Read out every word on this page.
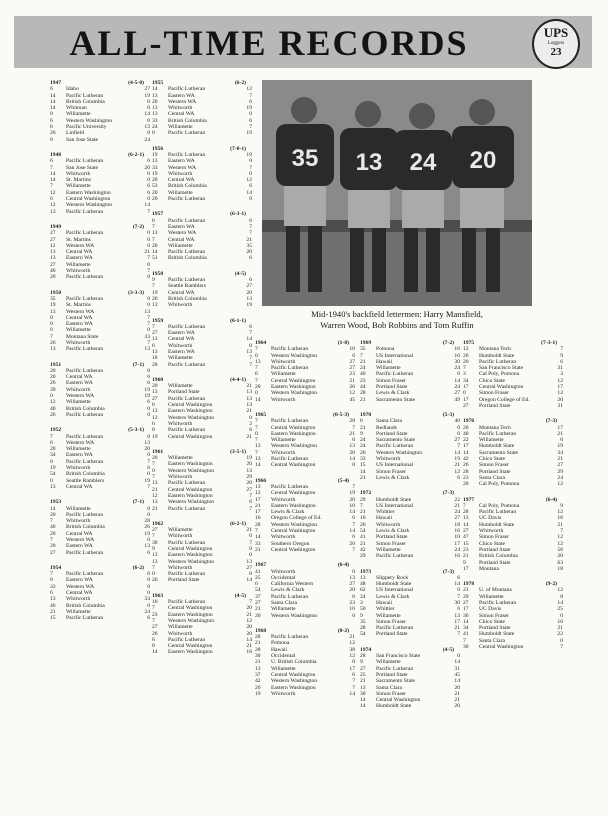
ALL-TIME RECORDS	UPS
Loggers
23
35 13 24 20
Mid-1940's backfield lettermen: Harry Mansfield,
Warren Wood, Bob Robbins and Tom Ruffin
1947	(4-5-0)
6	Idaho	27
14	Pacific Lutheran	19
14	British Columbia	0
14	Whitman	0
0	Willamette	14
6	Western Washington	0
6	Pacific University	13
26	Linfield	0
0	San Jose State	24
1948	(6-2-1)
6	Pacific Lutheran	6
7	San Jose State	20
14	Whitworth	0
14	St. Martins	0
7	Willamette	6
12	Eastern Washington	6
6	Central Washington	0
12	Western Washington	14
13	Pacific Lutheran	7
1949	(7-2)
27	Pacific Lutheran	0
27	St. Martins	0
12	Western WA	0
13	Central WA	21
13	Eastern WA	7
27	Willamette	0
46	Whitworth	7
20	Pacific Lutheran	0
1950	(3-3-3)
35	Pacific Lutheran	0
19	St. Martins	0
13	Western WA	13
0	Central WA	7
0	Eastern WA	7
0	Willamette	0
7	Montana State	33
26	Whitworth	7
13	Pacific Lutheran	13
1951	(7-1)
20	Pacific Lutheran	0
20	Central WA	6
26	Eastern WA	6
39	Whitworth	19
0	Western WA	19
12	Willamette	6
40	British Columbia	0
26	Pacific Lutheran	0
1952	(5-3-1)
7	Pacific Lutheran	0
6	Western WA	13
20	Willamette	20
34	Eastern WA	0
0	Pacific Lutheran	7
19	Whitworth	6
54	British Columbia	0
0	Seattle Ramblers	19
13	Central WA	7
1953	(7-1)
14	Willamette	0
20	Pacific Lutheran	0
7	Whitworth	28
40	British Columbia	26
20	Central WA	19
7	Western WA	0
20	Eastern WA	13
27	Pacific Lutheran	6
1954	(6-2)
7	Pacific Lutheran	6
0	Eastern WA	0
33	Western WA	0
6	Central WA	0
13	Whitworth	33
46	British Columbia	0
21	Willamette	24
15	Pacific Lutheran	6
1955	(6-2)
14	Pacific Lutheran	12
13	Eastern WA	7
20	Western WA	6
13	Whitworth	19
13	Central WA	0
33	British Columbia	6
24	Willamette	7
0	Pacific Lutheran	19
1956	(7-0-1)
19	Pacific Lutheran	19
13	Eastern WA	0
33	Western WA	7
19	Whitworth	0
20	Central WA	12
53	British Columbia	6
20	Willamette	14
20	Pacific Lutheran	0
1957	(6-3-1)
6	Pacific Lutheran	6
7	Eastern WA	7
13	Western WA	7
7	Central WA	21
20	Willamette	35
14	Pacific Lutheran	20
51	British Columbia	6
1958	(4-5)
9	Pacific Lutheran	6
7	Seattle Ramblers	27
19	Central WA	20
20	British Columbia	13
13	Whitworth	19
1959	(6-1-1)
7	Pacific Lutheran	6
27	Eastern WA	7
13	Central WA	14
6	Whitworth	0
13	Eastern WA	13
18	Willamette	7
28	Pacific Lutheran	7
1960	(4-4-1)
20	Willamette	21
13	Portland State	13
27	Pacific Lutheran	13
6	Central Washington	13
13	Eastern Washington	21
12	Western Washington	0
6	Whitworth	2
0	Pacific Lutheran	6
19	Central Washington	21
1961	(3-5-1)
20	Willamette	19
7	Eastern Washington	20
0	Western Washington	13
7	Whitworth	29
13	Pacific Lutheran	20
21	Central Washington	27
12	Eastern Washington	7
13	Western Washington	6
21	Pacific Lutheran	7
1962	(6-2-1)
27	Willamette	21
7	Whitworth	0
30	Pacific Lutheran	7
9	Central Washington	0
13	Eastern Washington	0
13	Western Washington	13
7	Whitworth	27
0	Pacific Lutheran	0
26	Portland State	14
1963	(4-5)
16	Pacific Lutheran	7
7	Central Washington	20
23	Eastern Washington	21
7	Western Washington	12
27	Willamette	20
26	Whitworth	20
6	Pacific Lutheran	14
0	Central Washington	21
14	Eastern Washington	16
1964	(1-8)
7	Pacific Lutheran	10
0	Western Washington	6
13	Whitworth	27
7	Pacific Lutheran	27
6	Willamette	23
7	Central Washington	21
20	Eastern Washington	26
0	Western Washington	12
14	Whitworth	45
1965	(0-5-3)
7	Pacific Lutheran	28
7	Central Washington	7
0	Eastern Washington	21
7	Willamette	0
13	Western Washington	13
7	Whitworth	20
13	Pacific Lutheran	14
14	Central Washington	0
1966	(5-4)
13	Pacific Lutheran	7
12	Central Washington	19
17	Whitworth	20
21	Eastern Washington	10
17	Lewis & Clark	14
16	Oregon College of Ed.	6
28	Western Washington	7
7	Central Washington	14
14	Whitworth	6
33	Southern Oregon	20
21	Central Washington	7
1967	(6-4)
41	Whitworth	0
25	Occidental	13
6	California Western	27
54	Lewis & Clark	20
37	Pacific Lutheran	6
27	Santa Clara	23
21	Willamette	16
20	Western Washington	0
1968	(8-2)
28	Pacific Lutheran	21
21	Pomona	12
28	Hawaii	38
30	Occidental	12
21	U. British Columbia	0
13	Willamette	17
37	Central Washington	6
42	Western Washington	7
26	Eastern Washington	7
19	Whitworth	14
1969	(7-2)
35	Pomona	16
7	US International	16
21	Hawaii	30
24	Willamette	24
40	Pacific Lutheran	0
23	Simon Fraser	14
44	Portland State	24
28	Lewis & Clark	27
21	Sacramento State	49
1970	(5-3)
6	Santa Clara	40
21	Redlands	0
9	Portland State	0
24	Sacramento State	27
24	Pacific Lutheran	7
26	Western Washington	14
33	Whitworth	19
15	US International	21
14	Simon Fraser	12
21	Lewis & Clark	6
1972	(7-3)
29	Humboldt State	22
7	US International	21
21	Whittier	24
10	Hawaii	27
26	Whitworth	18
54	Lewis & Clark	16
41	Portland State	10
21	Simon Fraser	17
42	Willamette	24
29	Pacific Lutheran	16
1973	(7-3)
13	Slippery Rock	6
48	Humboldt State	14
62	US International	0
24	Lewis & Clark	7
3	Hawaii	30
50	Whittier	6
9	Willamette	13
35	Simon Fraser	17
28	Pacific Lutheran	21
54	Portland State	7
1974	(4-5)
28	San Francisco State	0
9	Willamette	14
27	Pacific Lutheran	31
25	Portland State	45
21	Sacramento State	14
13	Santa Clara	20
30	Simon Fraser	21
14	Central Washington	21
14	Humboldt State	20
1975	(7-3-1)
12	Montana Tech	7
26	Humboldt State	9
20	Pacific Lutheran	6
7	San Francisco State	31
3	Cal Poly, Pomona	3
34	Chico State	12
17	Central Washington	17
0	Simon Fraser	12
17	Oregon College of Ed.	20
27	Portland State	31
1976	(7-3)
20	Montana Tech	17
40	Pacific Lutheran	21
22	Willamette	0
17	Humboldt State	19
14	Sacramento State	34
42	Chico State	21
26	Simon Fraser	27
28	Portland State	29
23	Santa Clara	24
20	Cal Poly, Pomona	12
1977	(6-4)
7	Cal Poly, Pomona	9
28	Pacific Lutheran	12
13	UC Davis	16
14	Humboldt State	21
27	Whitworth	7
47	Simon Fraser	12
15	Chico State	12
23	Portland State	56
21	British Columbia	20
9	Portland State	63
17	Montana	18
1978	(9-2)
23	U. of Montana	12
29	Willamette	8
27	Pacific Lutheran	14
17	UC Davis	25
36	Simon Fraser	0
14	Chico State	16
34	Portland State	21
41	Humboldt State	22
7	Santa Clara	0
36	Central Washington	7
